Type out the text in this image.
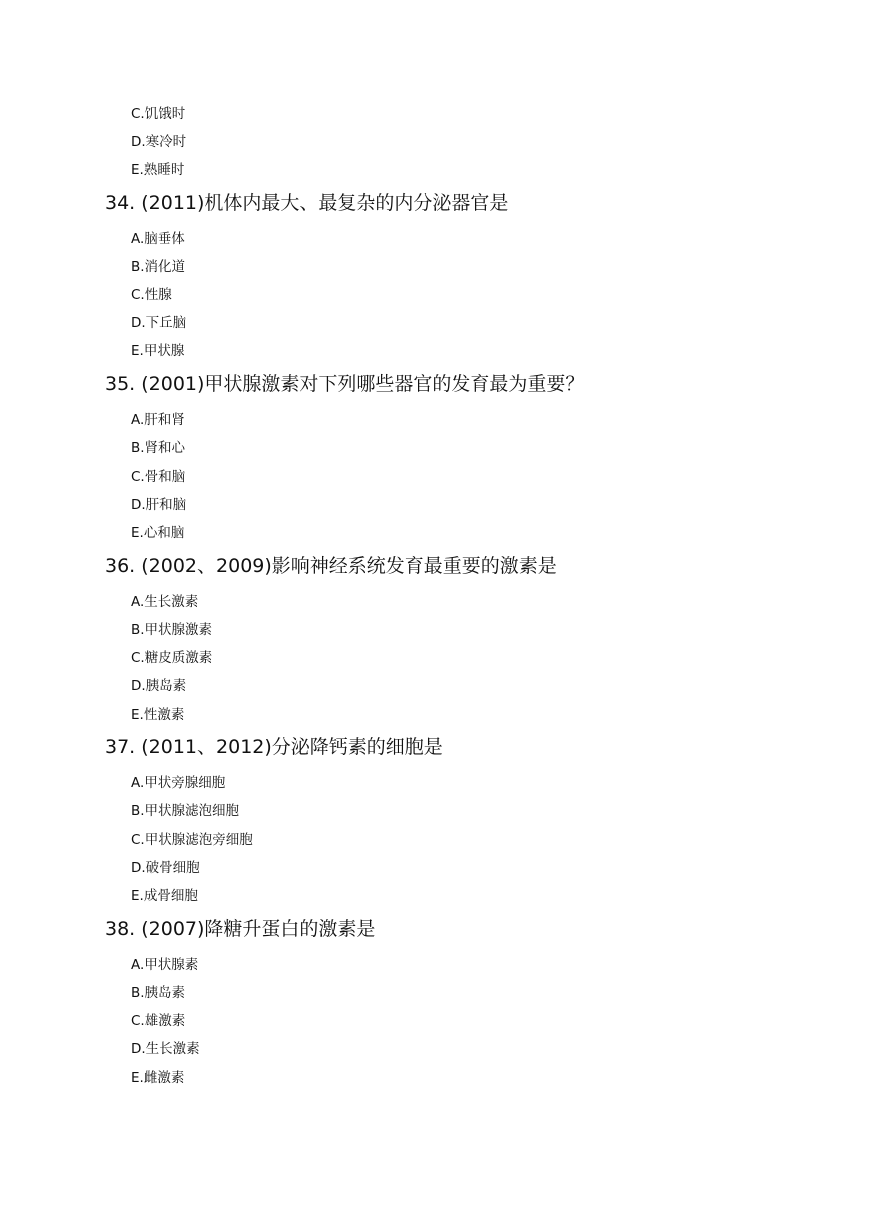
C.饥饿时
D.寒冷时
E.熟睡时
34. (2011)机体内最大、最复杂的内分泌器官是
A.脑垂体
B.消化道
C.性腺
D.下丘脑
E.甲状腺
35. (2001)甲状腺激素对下列哪些器官的发育最为重要？
A.肝和肾
B.肾和心
C.骨和脑
D.肝和脑
E.心和脑
36. (2002、2009)影响神经系统发育最重要的激素是
A.生长激素
B.甲状腺激素
C.糖皮质激素
D.胰岛素
E.性激素
37. (2011、2012)分泌降钙素的细胞是
A.甲状旁腺细胞
B.甲状腺滤泡细胞
C.甲状腺滤泡旁细胞
D.破骨细胞
E.成骨细胞
38. (2007)降糖升蛋白的激素是
A.甲状腺素
B.胰岛素
C.雄激素
D.生长激素
E.雌激素
